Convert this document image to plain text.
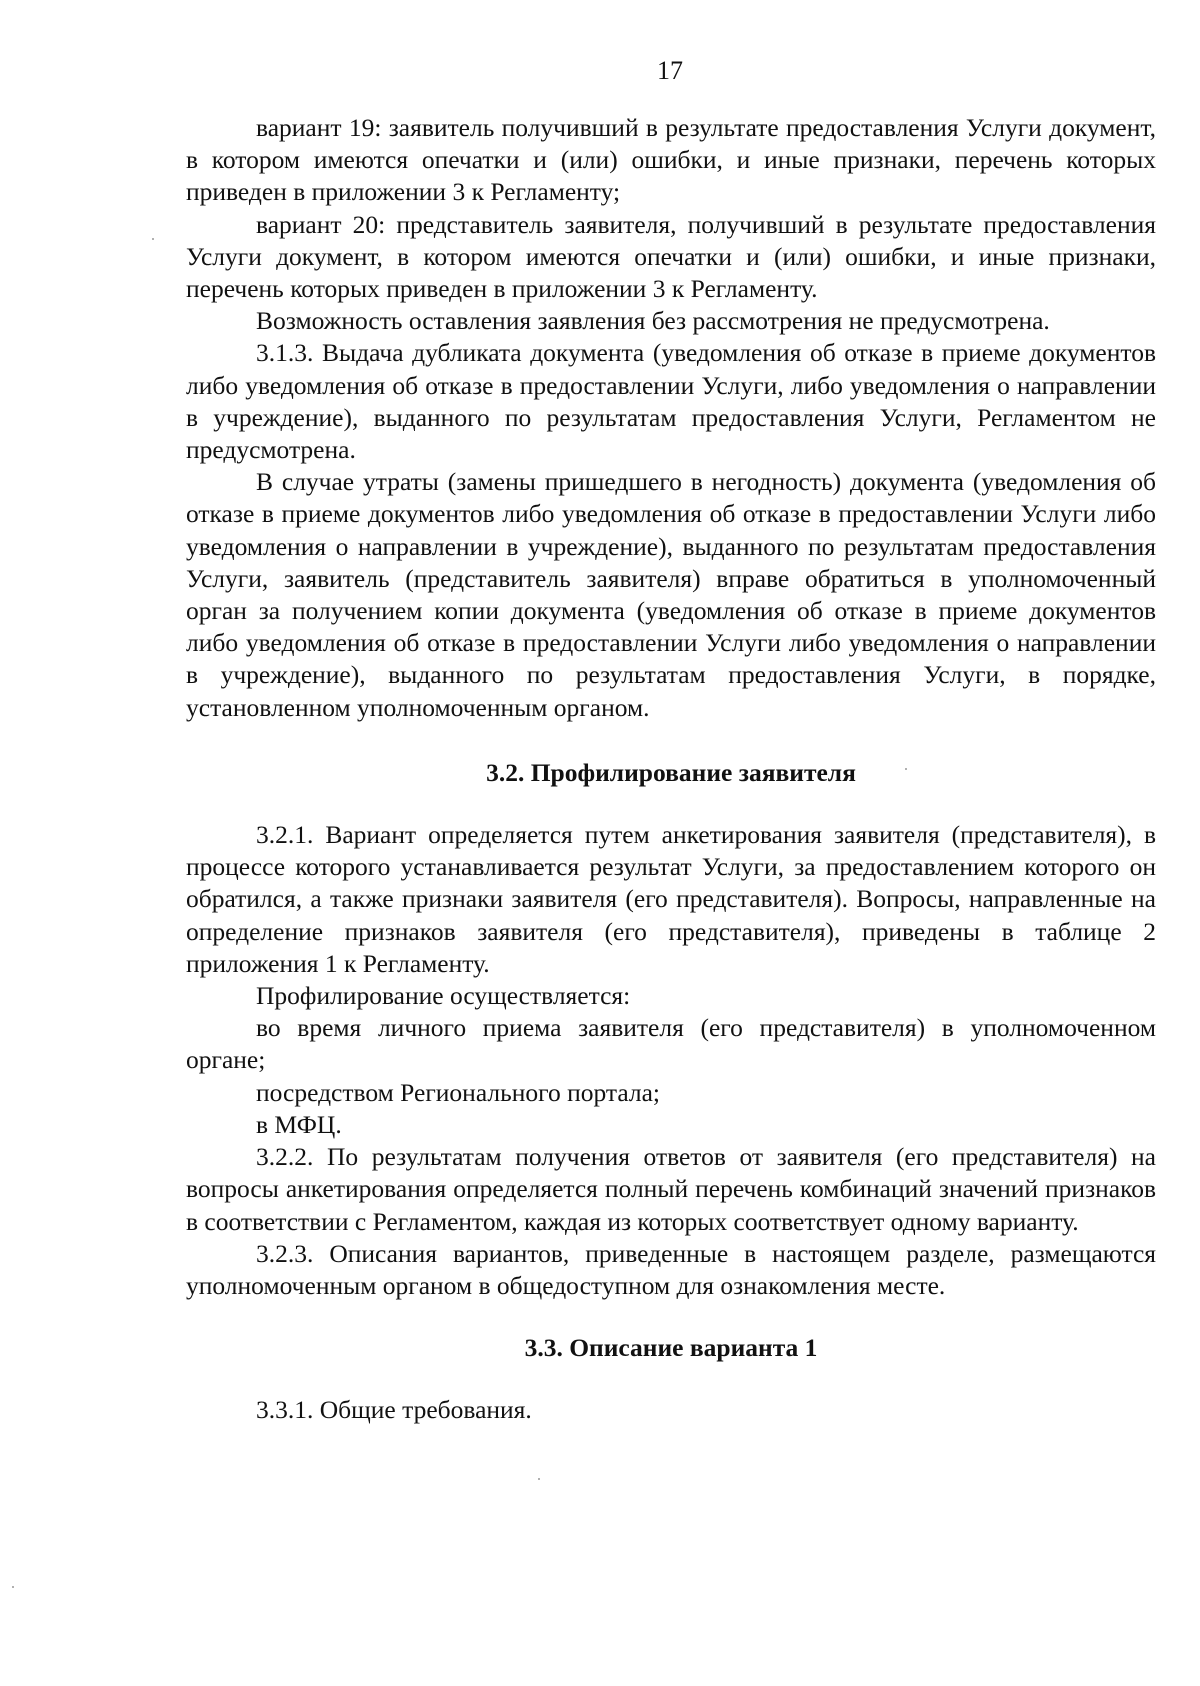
17

вариант 19: заявитель получивший в результате предоставления Услуги документ, в котором имеются опечатки и (или) ошибки, и иные признаки, перечень которых приведен в приложении 3 к Регламенту;

вариант 20: представитель заявителя, получивший в результате предоставления Услуги документ, в котором имеются опечатки и (или) ошибки, и иные признаки, перечень которых приведен в приложении 3 к Регламенту.

Возможность оставления заявления без рассмотрения не предусмотрена.

3.1.3. Выдача дубликата документа (уведомления об отказе в приеме документов либо уведомления об отказе в предоставлении Услуги, либо уведомления о направлении в учреждение), выданного по результатам предоставления Услуги, Регламентом не предусмотрена.

В случае утраты (замены пришедшего в негодность) документа (уведомления об отказе в приеме документов либо уведомления об отказе в предоставлении Услуги либо уведомления о направлении в учреждение), выданного по результатам предоставления Услуги, заявитель (представитель заявителя) вправе обратиться в уполномоченный орган за получением копии документа (уведомления об отказе в приеме документов либо уведомления об отказе в предоставлении Услуги либо уведомления о направлении в учреждение), выданного по результатам предоставления Услуги, в порядке, установленном уполномоченным органом.

3.2. Профилирование заявителя

3.2.1. Вариант определяется путем анкетирования заявителя (представителя), в процессе которого устанавливается результат Услуги, за предоставлением которого он обратился, а также признаки заявителя (его представителя). Вопросы, направленные на определение признаков заявителя (его представителя), приведены в таблице 2 приложения 1 к Регламенту.

Профилирование осуществляется:

во время личного приема заявителя (его представителя) в уполномоченном органе;

посредством Регионального портала;

в МФЦ.

3.2.2. По результатам получения ответов от заявителя (его представителя) на вопросы анкетирования определяется полный перечень комбинаций значений признаков в соответствии с Регламентом, каждая из которых соответствует одному варианту.

3.2.3. Описания вариантов, приведенные в настоящем разделе, размещаются уполномоченным органом в общедоступном для ознакомления месте.

3.3. Описание варианта 1

3.3.1. Общие требования.
